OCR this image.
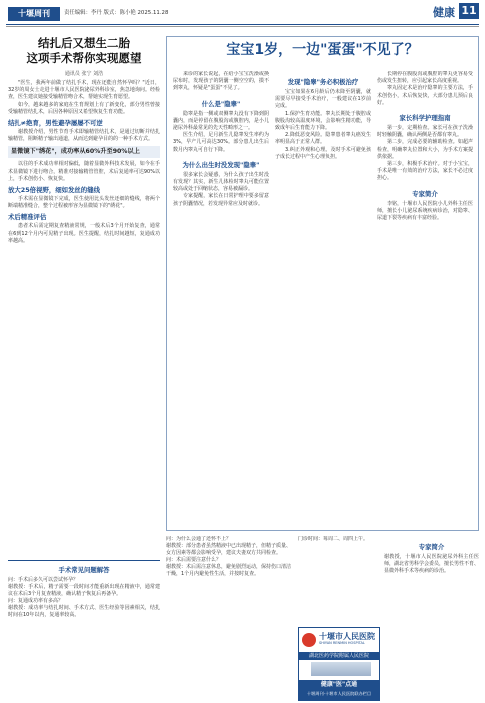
十堰周刊	责任编辑：李丹 版式：陈小艳 2025.11.28	健康 11
结扎后又想生二胎
这项手术帮你实现愿望
通讯员 张宁 刘浩

"医生，我两年前做了结扎手术，现在还能自然怀孕吗？"近日，32岁的周女士走进十堰市人民医院泌尿外科诊室，焦急地询问。经检查，医生建议她接受输精管吻合术，帮她实现生育愿望。

如今，越来越多的家庭在生育规划上有了新变化，部分男性曾接受输精管结扎术，后因各种原因又希望恢复生育功能。

结扎≠绝育，男性避孕屡屡不可逆

谢教授介绍，男性节育手术即输精管结扎术，是通过切断并结扎输精管，阻断精子输出通道，从而达到避孕目的的一种手术方式。

显微镜下"绣花"，成功率从60%升至90%以上

以往的手术成功率相对偏低，随着显微外科技术发展，如今在手术显微镜下进行吻合，精准对接输精管管腔，术后复通率可达90%以上，手术创伤小、恢复快。

放大25倍视野，细如发丝的缝线

手术需在显微镜下完成，医生使用比头发丝还细的缝线，将两个断端精准缝合，整个过程被形容为显微镜下的"绣花"。

术后精准评估

患者术后需定期复查精液常规，一般术后3个月开始复查，通常在6到12个月内可见精子出现。医生提醒，结扎时间越短，复通成功率越高。

宝宝1岁，一边"蛋蛋"不见了？

来诊的家长说起，在给小宝宝洗澡或换尿布时，发现孩子的阴囊一侧空空的，摸不到睾丸，怀疑是"蛋蛋"不见了。

什么是"隐睾"

隐睾是指一侧或双侧睾丸没有下降到阴囊内，而是停留在腹股沟或腹腔内，是小儿泌尿外科最常见的先天性畸形之一。

医生介绍，足月新生儿隐睾发生率约为3%，早产儿可高达30%。部分患儿出生后数月内睾丸可自行下降。

为什么出生时没发现"隐睾"

很多家长会疑惑，为什么孩子出生时没有发现？其实，新生儿体检时睾丸可能位置较高或处于回缩状态，容易被漏诊。

专家提醒，家长在日常护理中要多留意孩子阴囊情况，若发现异常应及时就诊。

发现"隐睾"务必积极治疗

宝宝如果在6月龄后仍未降至阴囊，就需要尽早接受手术治疗，一般建议在1岁前完成。

1.保护生育功能。睾丸长期处于腹腔或腹股沟较高温度环境，会影响生精功能，导致成年后生育能力下降。

2.降低恶变风险。隐睾患者睾丸癌发生率明显高于正常人群。

3.纠正外观和心理。及时手术可避免孩子成长过程中产生心理负担。

长期停在腹股沟或腹腔的睾丸更容易受伤或发生扭转，应引起家长高度重视。

睾丸固定术是治疗隐睾的主要方法，手术创伤小，术后恢复快，大部分患儿预后良好。

家长科学护理指南

第一步，定期检查。家长可在孩子洗澡时轻触阴囊，确认两侧是否都有睾丸。

第二步，完成必要的辅助检查。如超声检查，明确睾丸位置和大小，为手术方案提供依据。

第三步，积极手术治疗。对于小宝宝，手术是唯一有效的治疗方法，家长不必过度担心。

专家简介

李铭，十堰市人民医院小儿外科主任医师，擅长小儿泌尿系统疾病诊治，对隐睾、尿道下裂等疾病有丰富经验。

手术常见问题解答

问：手术后多久可以尝试怀孕？

谢教授：手术后，精子需要一段时间才能重新出现在精液中，通常建议在术后3个月复查精液，确认精子恢复后再备孕。

问：复通成功率有多高？

谢教授：成功率与结扎时间、手术方式、医生经验等因素相关，结扎时间在10年以内，复通率较高。

问：为什么会通了还怀不上？

谢教授：部分患者虽然精液中已出现精子，但精子质量、女方因素等都会影响受孕，建议夫妻双方共同检查。

问：术后需要注意什么？

谢教授：术后需注意休息，避免剧烈运动，保持伤口清洁干燥，1个月内避免性生活，并按时复查。

门诊时间：每周二、周四上午。

十堰市人民医院
SHIYAN RENMIN HOSPITAL
湖北医药学院附属人民医院
健康"医"点通
十堰周刊·十堰市人民医院联办栏目
专家简介

谢教授，十堰市人民医院泌尿外科主任医师，湖北省男科学会委员，擅长男性不育、显微外科手术等疾病的诊治。
